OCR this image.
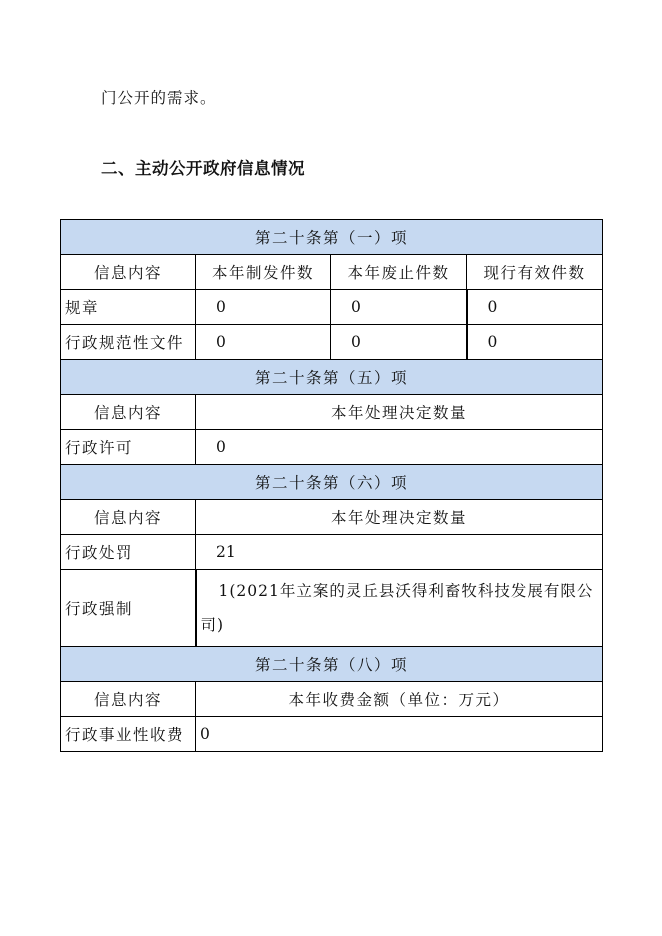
门公开的需求。
二、主动公开政府信息情况
第二十条第（一）项			
信息内容	本年制发件数	本年废止件数	现行有效件数
规章	0	0	0
行政规范性文件	0	0	0
第二十条第（五）项			
信息内容	本年处理决定数量		
行政许可	0		
第二十条第（六）项			
信息内容	本年处理决定数量		
行政处罚	21		
行政强制	1(2021年立案的灵丘县沃得利畜牧科技发展有限公司)		
第二十条第（八）项			
信息内容	本年收费金额（单位：万元）		
行政事业性收费	0		
